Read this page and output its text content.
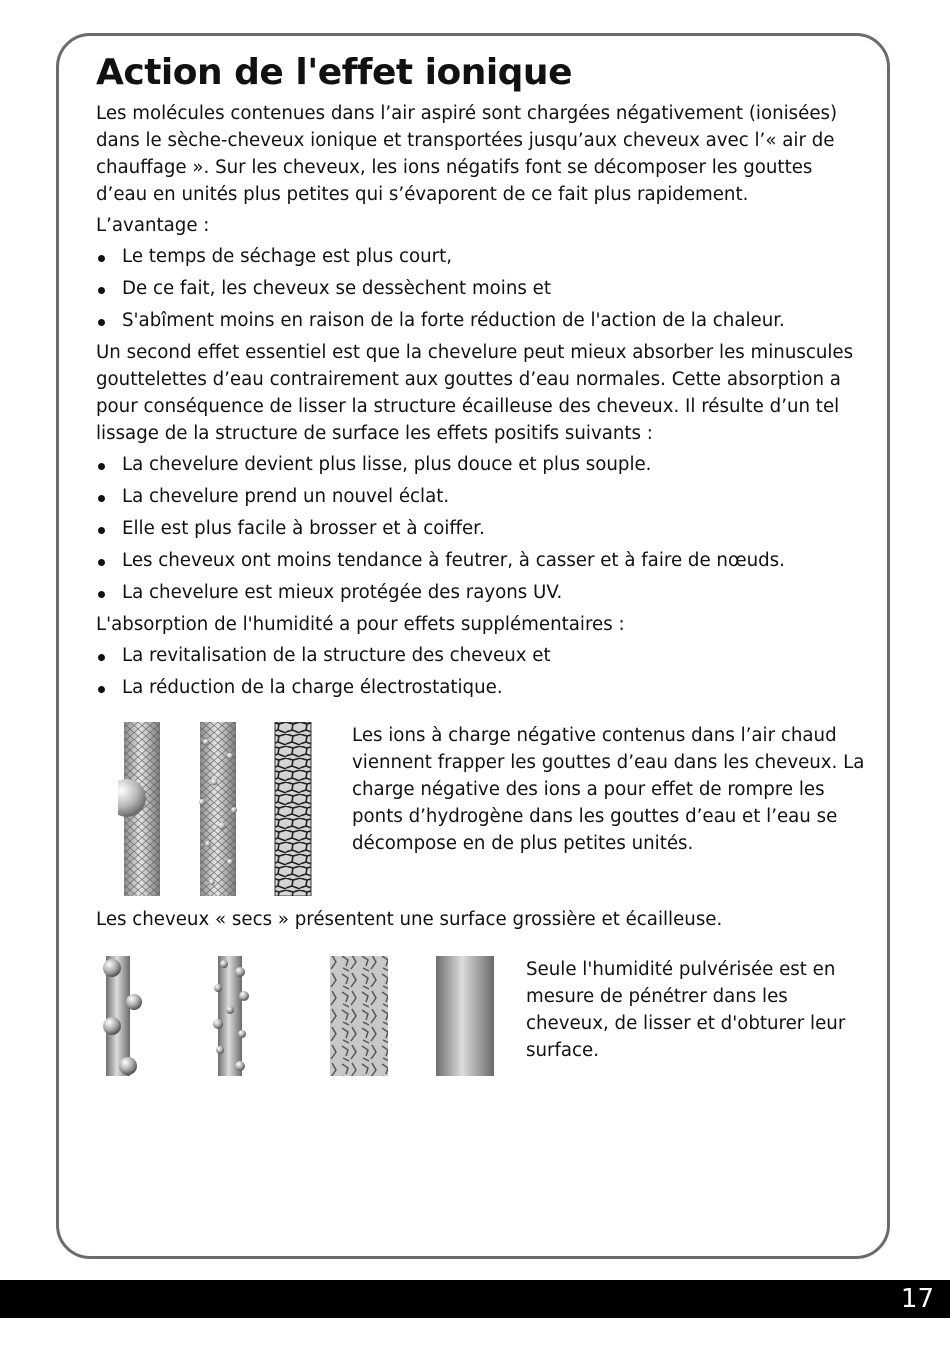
Action de l'effet ionique

Les molécules contenues dans l’air aspiré sont chargées négativement (ionisées) dans le sèche-cheveux ionique et transportées jusqu’aux cheveux avec l’« air de chauffage ». Sur les cheveux, les ions négatifs font se décomposer les gouttes d’eau en unités plus petites qui s’évaporent de ce fait plus rapidement.

L’avantage :

Le temps de séchage est plus court,
De ce fait, les cheveux se dessèchent moins et
S'abîment moins en raison de la forte réduction de l'action de la chaleur.

Un second effet essentiel est que la chevelure peut mieux absorber les minuscules gouttelettes d’eau contrairement aux gouttes d’eau normales. Cette absorption a pour conséquence de lisser la structure écailleuse des cheveux. Il résulte d’un tel lissage de la structure de surface les effets positifs suivants :

La chevelure devient plus lisse, plus douce et plus souple.
La chevelure prend un nouvel éclat.
Elle est plus facile à brosser et à coiffer.
Les cheveux ont moins tendance à feutrer, à casser et à faire de nœuds.
La chevelure est mieux protégée des rayons UV.

L'absorption de l'humidité a pour effets supplémentaires :

La revitalisation de la structure des cheveux et
La réduction de la charge électrostatique.

Les ions à charge négative contenus dans l’air chaud viennent frapper les gouttes d’eau dans les cheveux. La charge négative des ions a pour effet de rompre les ponts d’hydrogène dans les gouttes d’eau et l’eau se décompose en de plus petites unités.

Les cheveux « secs » présentent une surface grossière et écailleuse.

Seule l'humidité pulvérisée est en mesure de pénétrer dans les cheveux, de lisser et d'obturer leur surface.

17
